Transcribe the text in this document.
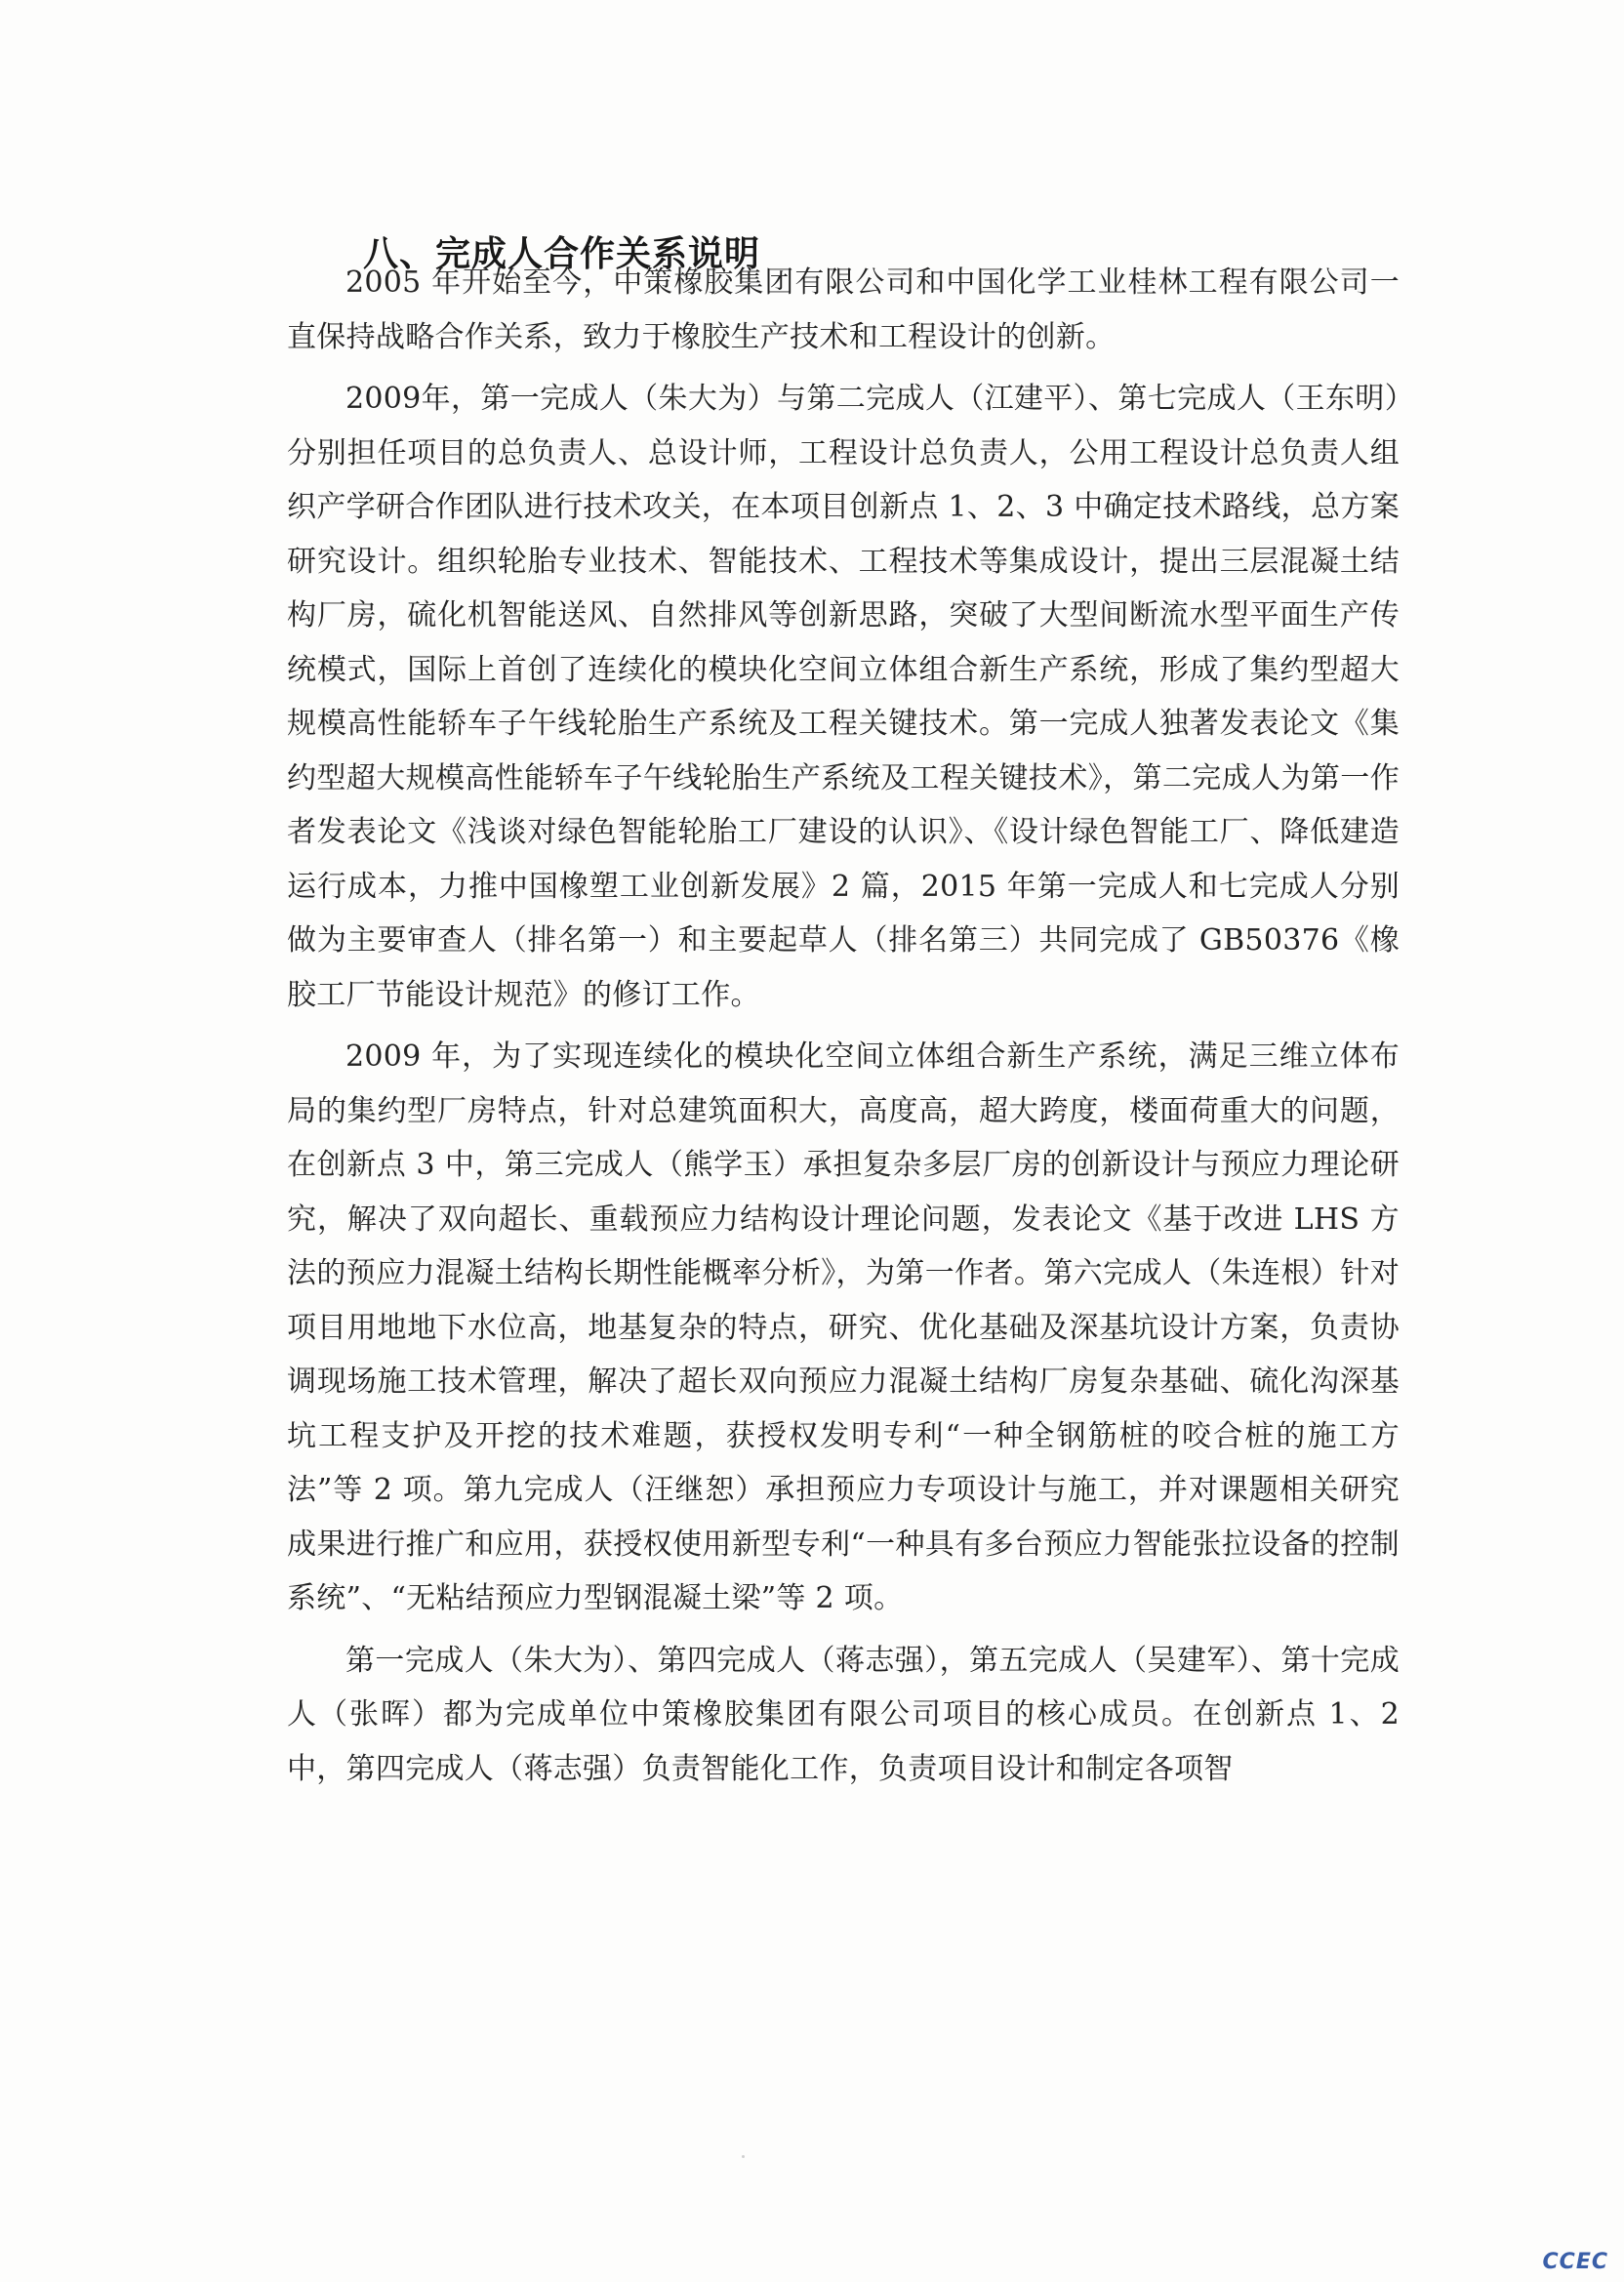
八、完成人合作关系说明

2005 年开始至今，中策橡胶集团有限公司和中国化学工业桂林工程有限公司一直保持战略合作关系，致力于橡胶生产技术和工程设计的创新。

2009年，第一完成人（朱大为）与第二完成人（江建平）、第七完成人（王东明）分别担任项目的总负责人、总设计师，工程设计总负责人，公用工程设计总负责人组织产学研合作团队进行技术攻关，在本项目创新点 1、2、3 中确定技术路线，总方案研究设计。组织轮胎专业技术、智能技术、工程技术等集成设计，提出三层混凝土结构厂房，硫化机智能送风、自然排风等创新思路，突破了大型间断流水型平面生产传统模式，国际上首创了连续化的模块化空间立体组合新生产系统，形成了集约型超大规模高性能轿车子午线轮胎生产系统及工程关键技术。第一完成人独著发表论文《集约型超大规模高性能轿车子午线轮胎生产系统及工程关键技术》，第二完成人为第一作者发表论文《浅谈对绿色智能轮胎工厂建设的认识》、《设计绿色智能工厂、降低建造运行成本，力推中国橡塑工业创新发展》2 篇，2015 年第一完成人和七完成人分别做为主要审查人（排名第一）和主要起草人（排名第三）共同完成了 GB50376《橡胶工厂节能设计规范》的修订工作。

2009 年，为了实现连续化的模块化空间立体组合新生产系统，满足三维立体布局的集约型厂房特点，针对总建筑面积大，高度高，超大跨度，楼面荷重大的问题，在创新点 3 中，第三完成人（熊学玉）承担复杂多层厂房的创新设计与预应力理论研究，解决了双向超长、重载预应力结构设计理论问题，发表论文《基于改进 LHS 方法的预应力混凝土结构长期性能概率分析》，为第一作者。第六完成人（朱连根）针对项目用地地下水位高，地基复杂的特点，研究、优化基础及深基坑设计方案，负责协调现场施工技术管理，解决了超长双向预应力混凝土结构厂房复杂基础、硫化沟深基坑工程支护及开挖的技术难题，获授权发明专利“一种全钢筋桩的咬合桩的施工方法”等 2 项。第九完成人（汪继恕）承担预应力专项设计与施工，并对课题相关研究成果进行推广和应用，获授权使用新型专利“一种具有多台预应力智能张拉设备的控制系统”、“无粘结预应力型钢混凝土梁”等 2 项。

第一完成人（朱大为）、第四完成人（蒋志强），第五完成人（吴建军）、第十完成人（张晖）都为完成单位中策橡胶集团有限公司项目的核心成员。在创新点 1、2 中，第四完成人（蒋志强）负责智能化工作，负责项目设计和制定各项智

CCEC
